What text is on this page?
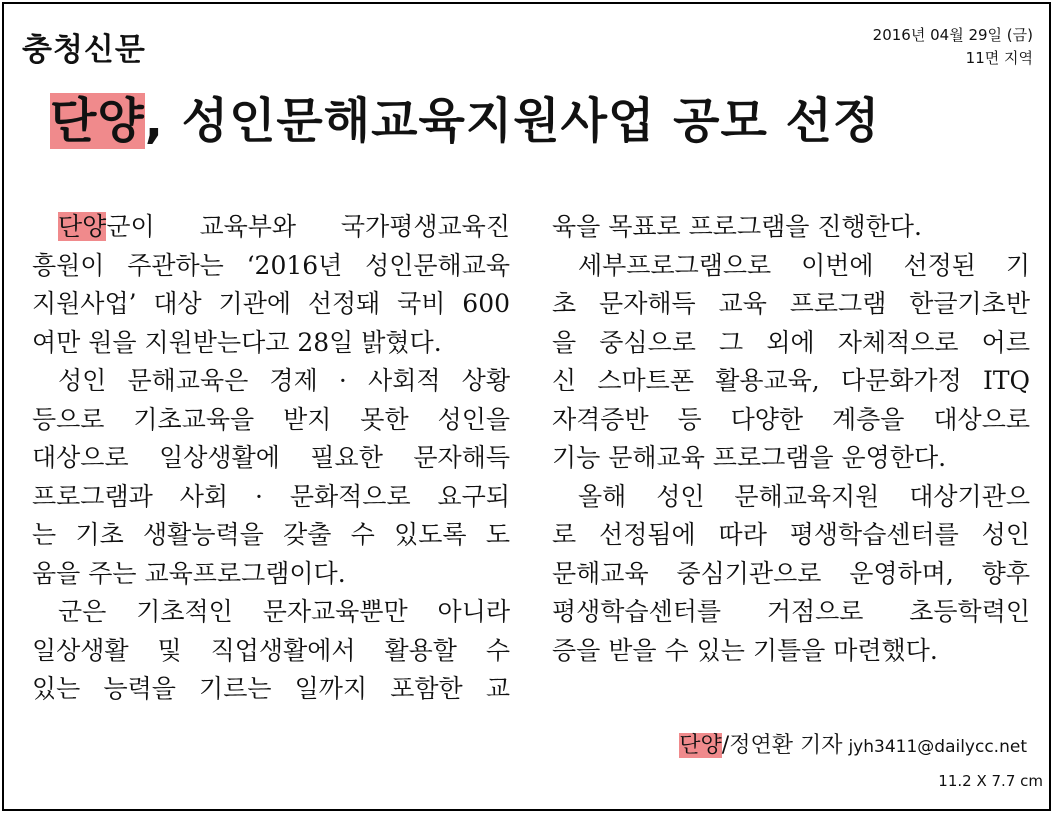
충청신문	2016년 04월 29일 (금)
11면 지역
단양, 성인문해교육지원사업 공모 선정
단양군이 교육부와 국가평생교육진
흥원이 주관하는 ‘2016년 성인문해교육
지원사업’ 대상 기관에 선정돼 국비 600
여만 원을 지원받는다고 28일 밝혔다.
성인 문해교육은 경제 · 사회적 상황
등으로 기초교육을 받지 못한 성인을
대상으로 일상생활에 필요한 문자해득
프로그램과 사회 · 문화적으로 요구되
는 기초 생활능력을 갖출 수 있도록 도
움을 주는 교육프로그램이다.
군은 기초적인 문자교육뿐만 아니라
일상생활 및 직업생활에서 활용할 수
있는 능력을 기르는 일까지 포함한 교
육을 목표로 프로그램을 진행한다.
세부프로그램으로 이번에 선정된 기
초 문자해득 교육 프로그램 한글기초반
을 중심으로 그 외에 자체적으로 어르
신 스마트폰 활용교육, 다문화가정 ITQ
자격증반 등 다양한 계층을 대상으로
기능 문해교육 프로그램을 운영한다.
올해 성인 문해교육지원 대상기관으
로 선정됨에 따라 평생학습센터를 성인
문해교육 중심기관으로 운영하며, 향후
평생학습센터를 거점으로 초등학력인
증을 받을 수 있는 기틀을 마련했다.
단양/정연환 기자 jyh3411@dailycc.net
11.2 X 7.7 cm
